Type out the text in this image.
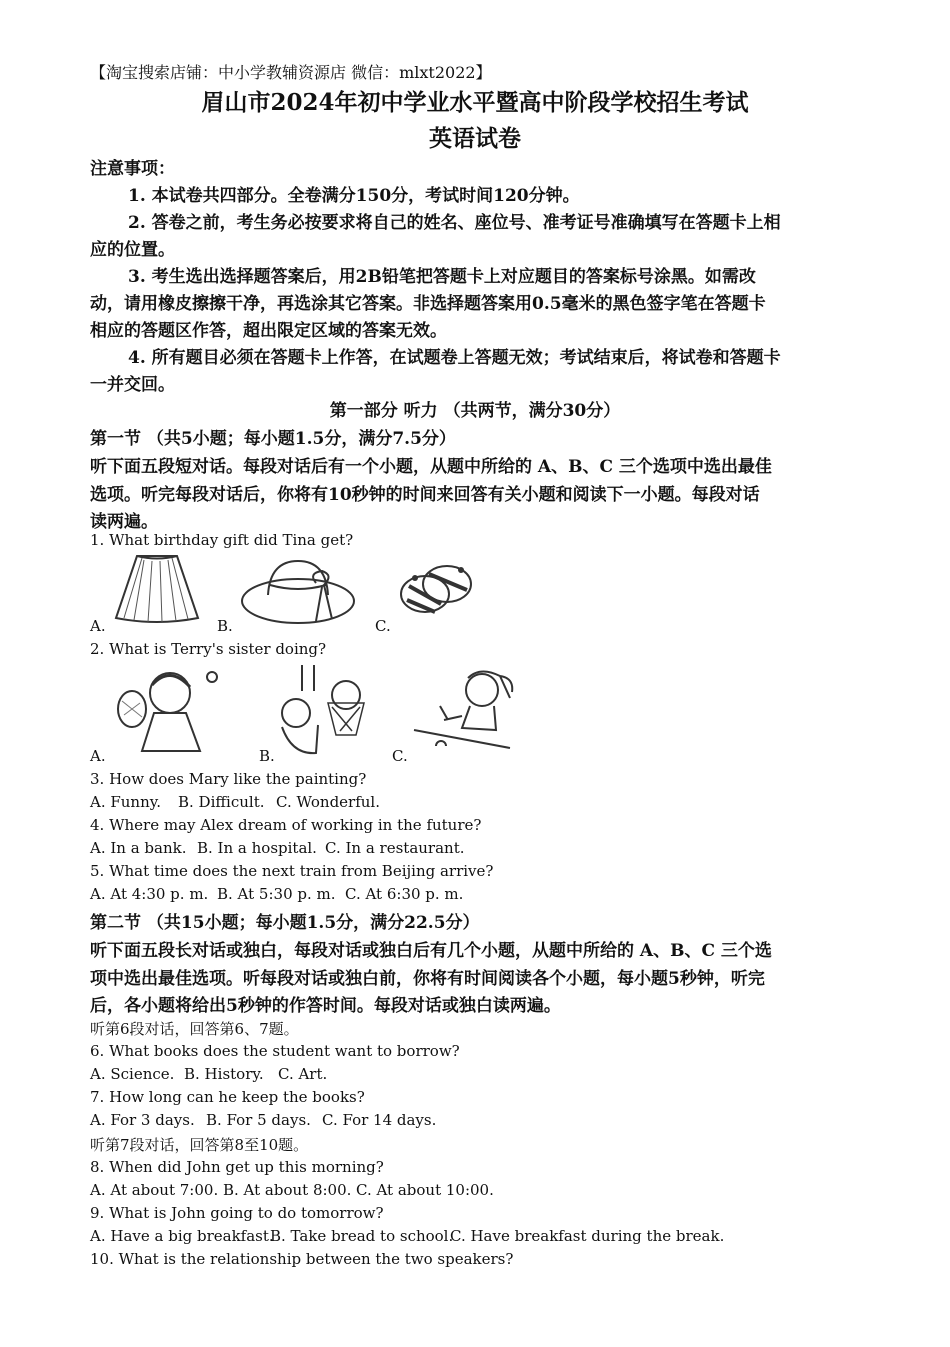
【淘宝搜索店铺：中小学教辅资源店 微信：mlxt2022】
眉山市2024年初中学业水平暨高中阶段学校招生考试
英语试卷
注意事项：
1. 本试卷共四部分。全卷满分150分，考试时间120分钟。
2. 答卷之前，考生务必按要求将自己的姓名、座位号、准考证号准确填写在答题卡上相
应的位置。
3. 考生选出选择题答案后，用2B铅笔把答题卡上对应题目的答案标号涂黑。如需改
动，请用橡皮擦擦干净，再选涂其它答案。非选择题答案用0.5毫米的黑色签字笔在答题卡
相应的答题区作答，超出限定区域的答案无效。
4. 所有题目必须在答题卡上作答，在试题卷上答题无效；考试结束后，将试卷和答题卡
一并交回。
第一部分 听力 （共两节，满分30分）
第一节 （共5小题；每小题1.5分，满分7.5分）
听下面五段短对话。每段对话后有一个小题，从题中所给的 A、B、C 三个选项中选出最佳
选项。听完每段对话后，你将有10秒钟的时间来回答有关小题和阅读下一小题。每段对话
读两遍。
1. What birthday gift did Tina get?
A.	B.	C.
2. What is Terry's sister doing?
A.	B.	C.
3. How does Mary like the painting?
A. Funny. B. Difficult. C. Wonderful.
4. Where may Alex dream of working in the future?
A. In a bank. B. In a hospital. C. In a restaurant.
5. What time does the next train from Beijing arrive?
A. At 4:30 p. m. B. At 5:30 p. m. C. At 6:30 p. m.
第二节 （共15小题；每小题1.5分，满分22.5分）
听下面五段长对话或独白，每段对话或独白后有几个小题，从题中所给的 A、B、C 三个选
项中选出最佳选项。听每段对话或独白前，你将有时间阅读各个小题，每小题5秒钟，听完
后，各小题将给出5秒钟的作答时间。每段对话或独白读两遍。
听第6段对话，回答第6、7题。
6. What books does the student want to borrow?
A. Science. B. History. C. Art.
7. How long can he keep the books?
A. For 3 days. B. For 5 days. C. For 14 days.
听第7段对话，回答第8至10题。
8. When did John get up this morning?
A. At about 7:00. B. At about 8:00. C. At about 10:00.
9. What is John going to do tomorrow?
A. Have a big breakfast.
B. Take bread to school.
C. Have breakfast during the break.
10. What is the relationship between the two speakers?
